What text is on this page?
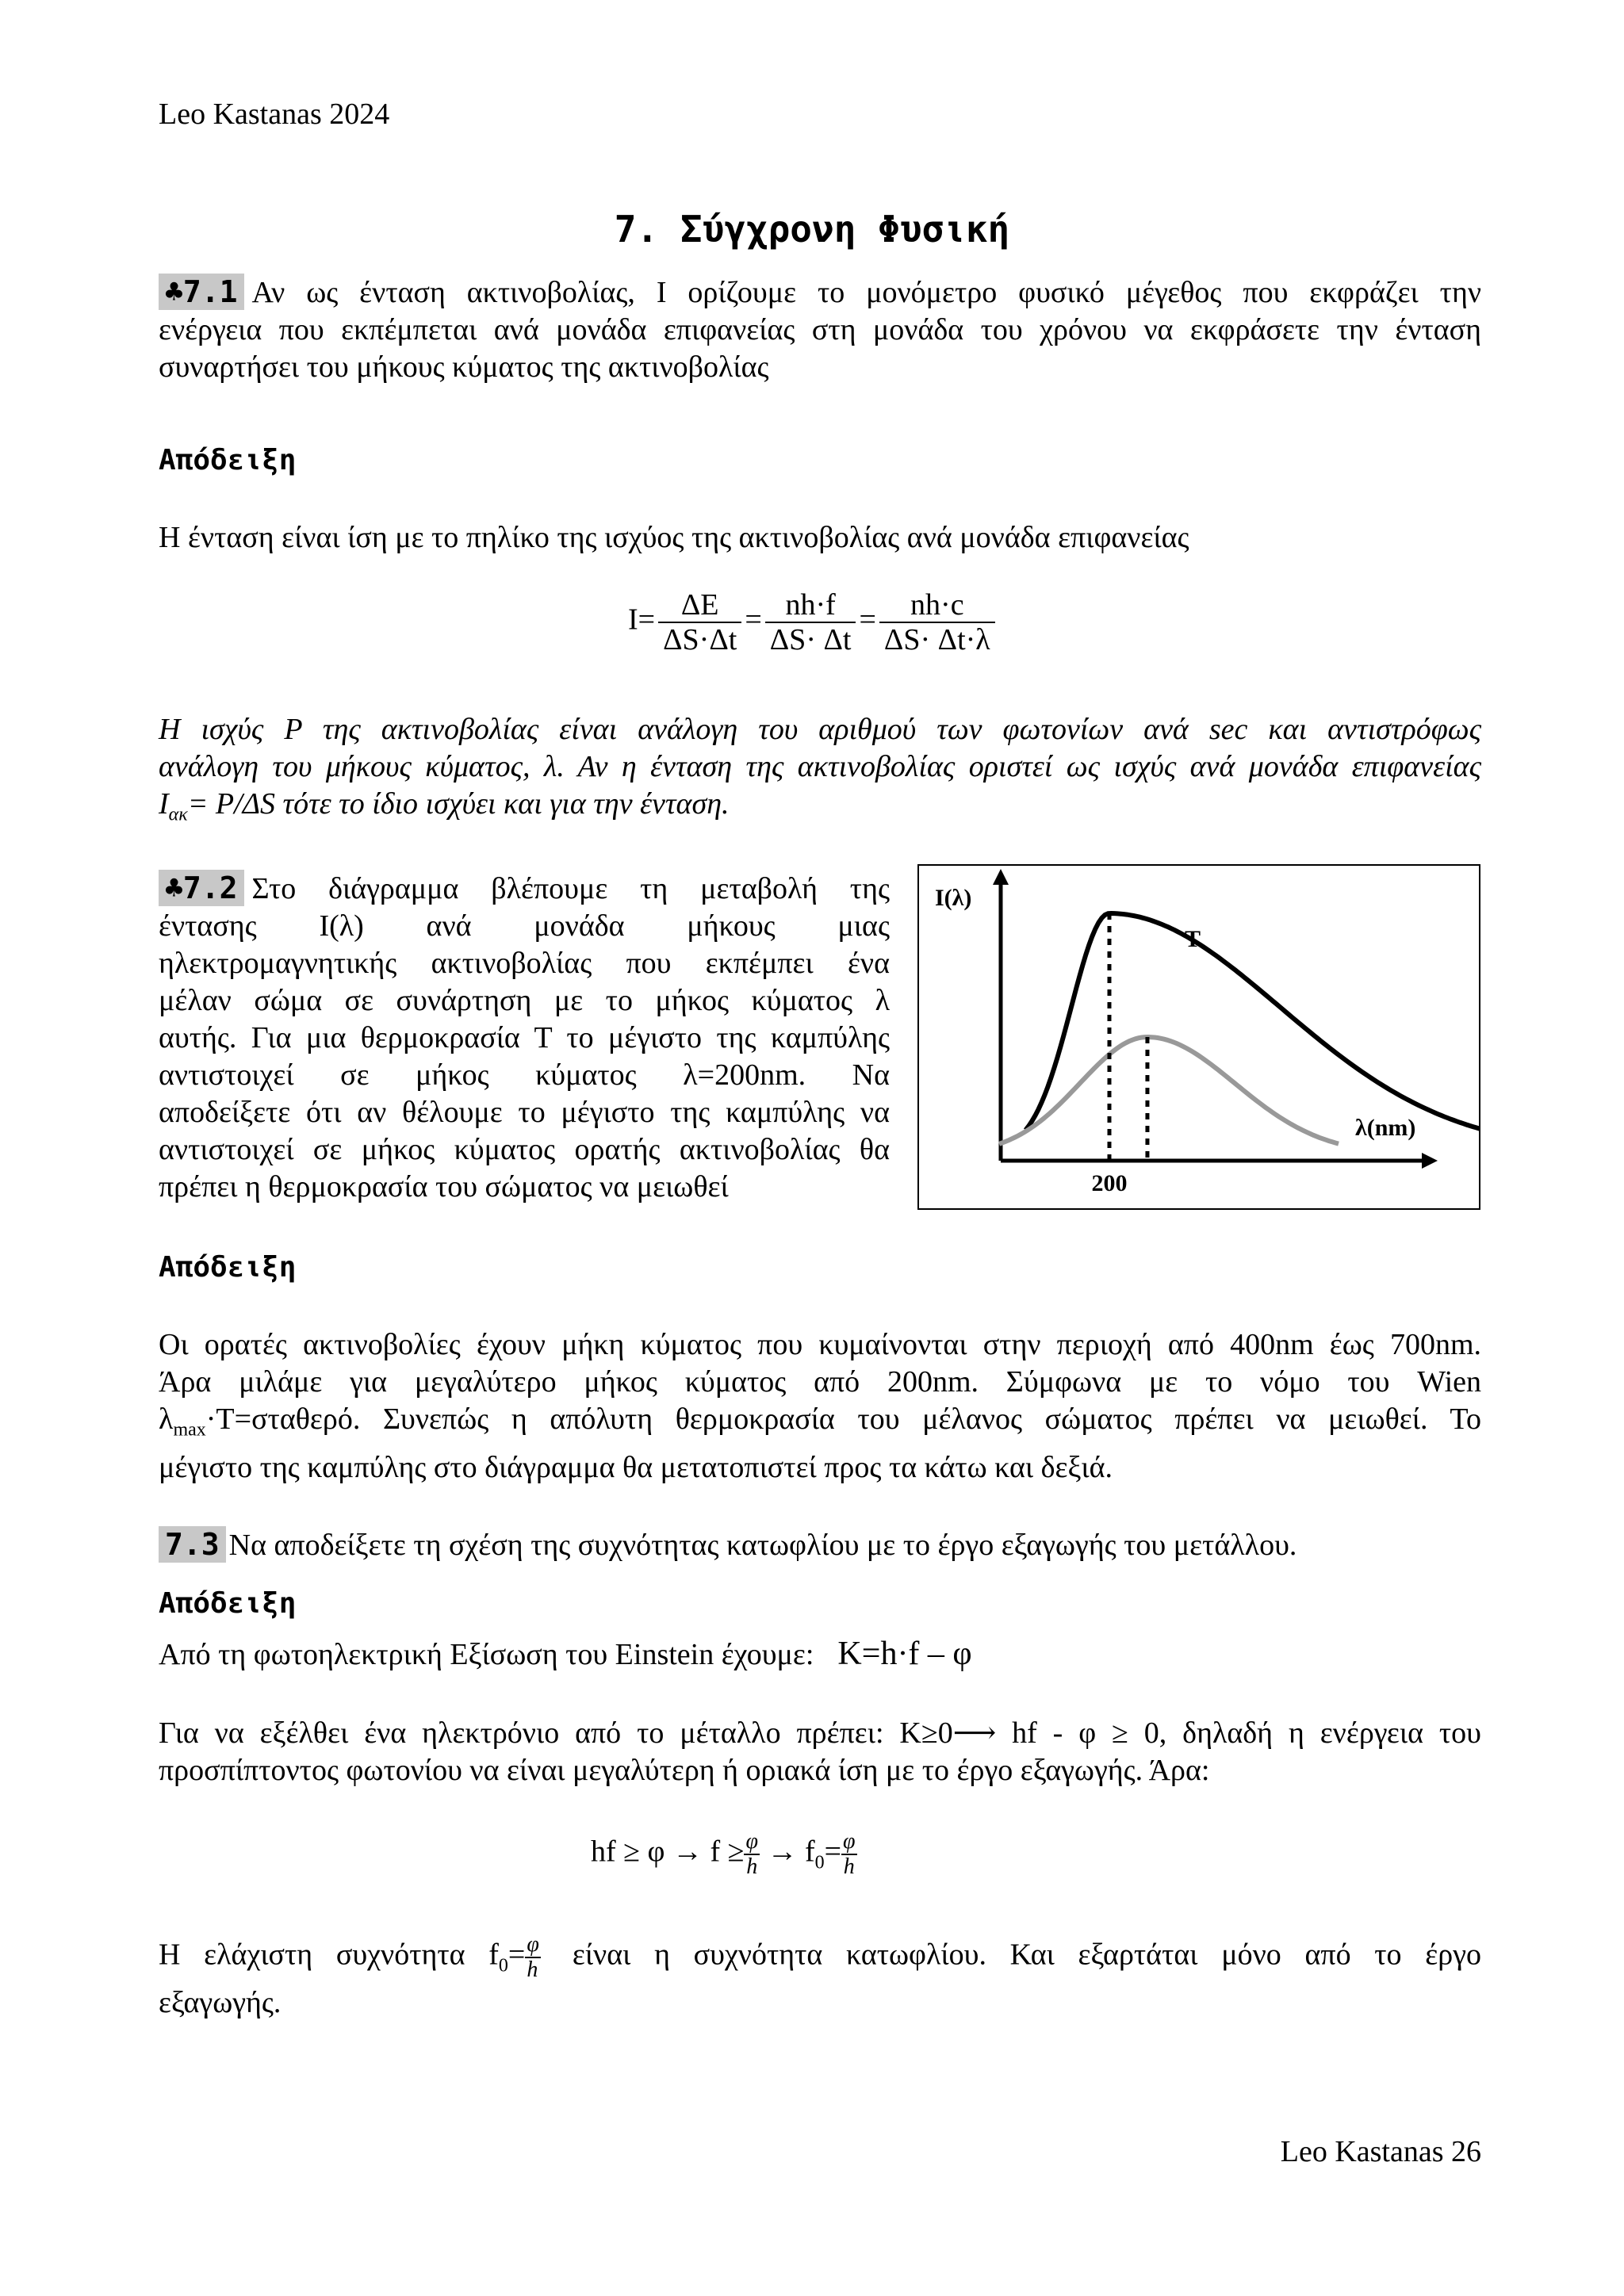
Leo Kastanas 2024
7. Σύγχρονη Φυσική
♣7.1 Αν ως ένταση ακτινοβολίας, Ι ορίζουμε το μονόμετρο φυσικό μέγεθος που εκφράζει την
ενέργεια που εκπέμπεται ανά μονάδα επιφανείας στη μονάδα του χρόνου να εκφράσετε την ένταση
συναρτήσει του μήκους κύματος της ακτινοβολίας
Απόδειξη
Η ένταση είναι ίση με το πηλίκο της ισχύος της ακτινοβολίας ανά μονάδα επιφανείας
$I= \frac{\Delta E}{\Delta S\cdot\Delta t} = \frac{nh\cdot f}{\Delta S\cdot \Delta t} = \frac{nh\cdot c}{\Delta S\cdot \Delta t\cdot\lambda}$
Η ισχύς P της ακτινοβολίας είναι ανάλογη του αριθμού των φωτονίων ανά sec και αντιστρόφως
ανάλογη του μήκους κύματος, λ. Αν η ένταση της ακτινοβολίας οριστεί ως ισχύς ανά μονάδα επιφανείας
$I_{\alpha\kappa}= P/\Delta S$ τότε το ίδιο ισχύει και για την ένταση.
♣7.2 Στο διάγραμμα βλέπουμε τη μεταβολή της
έντασης Ι(λ) ανά μονάδα μήκους μιας
ηλεκτρομαγνητικής ακτινοβολίας που εκπέμπει ένα
μέλαν σώμα σε συνάρτηση με το μήκος κύματος λ
αυτής. Για μια θερμοκρασία Τ το μέγιστο της καμπύλης
αντιστοιχεί σε μήκος κύματος λ=200nm. Να
αποδείξετε ότι αν θέλουμε το μέγιστο της καμπύλης να
αντιστοιχεί σε μήκος κύματος ορατής ακτινοβολίας θα
πρέπει η θερμοκρασία του σώματος να μειωθεί
I(λ)
λ(nm)
200
T
Απόδειξη
Οι ορατές ακτινοβολίες έχουν μήκη κύματος που κυμαίνονται στην περιοχή από 400nm έως 700nm.
Άρα μιλάμε για μεγαλύτερο μήκος κύματος από 200nm. Σύμφωνα με το νόμο του Wien
$\lambda_{max}\cdot T=\sigma\tau\alpha\theta\varepsilon\rho ό$. Συνεπώς η απόλυτη θερμοκρασία του μέλανος σώματος πρέπει να μειωθεί. Το
μέγιστο της καμπύλης στο διάγραμμα θα μετατοπιστεί προς τα κάτω και δεξιά.
7.3 Να αποδείξετε τη σχέση της συχνότητας κατωφλίου με το έργο εξαγωγής του μετάλλου.
Απόδειξη
Από τη φωτοηλεκτρική Εξίσωση του Einstein έχουμε: K=h·f – φ
Για να εξέλθει ένα ηλεκτρόνιο από το μέταλλο πρέπει: K≥0⟶ hf - φ ≥ 0, δηλαδή η ενέργεια του
προσπίπτοντος φωτονίου να είναι μεγαλύτερη ή οριακά ίση με το έργο εξαγωγής. Άρα:
hf ≥ $\varphi \to f \ge \frac{\varphi}{h} \to f_0= \frac{\varphi}{h}$
Η ελάχιστη συχνότητα $f_0= \frac{\varphi}{h}$ είναι η συχνότητα κατωφλίου. Και εξαρτάται μόνο από το έργο
εξαγωγής.
Leo Kastanas 26
